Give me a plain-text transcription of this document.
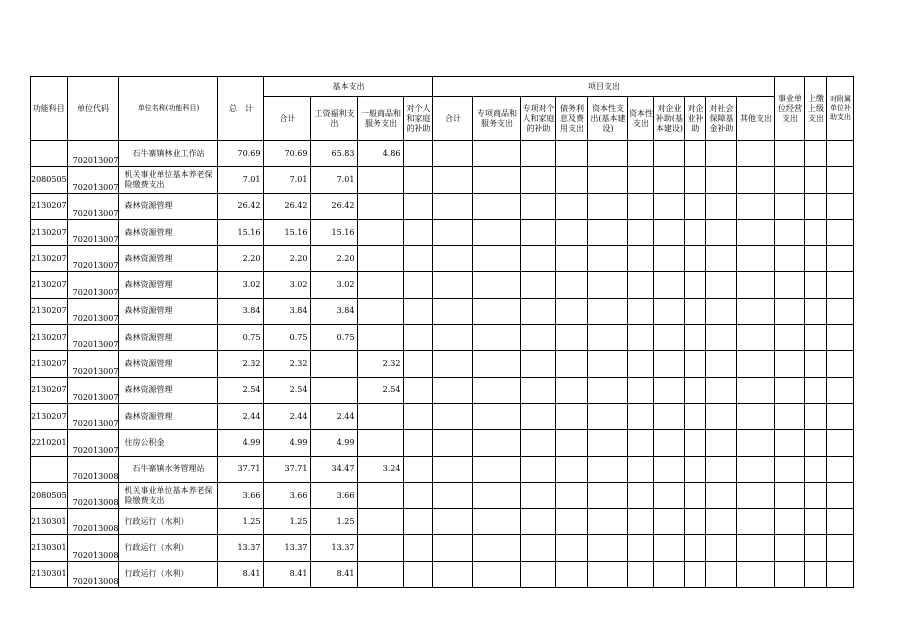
功能科目	单位代码	单位名称(功能科目)	总　计	基本支出				项目支出										事业单位经营支出	上缴上级支出	对附属单位补助支出
				合计	工资福利支出	一般商品和服务支出	对个人和家庭的补助	合计	专项商品和服务支出	专项对个人和家庭的补助	债务利息及费用支出	资本性支出(基本建设)	资本性支出	对企业补助(基本建设)	对企业补助	对社会保障基金补助	其他支出			
	702013007	石牛寨镇林业工作站	70.69	70.69	65.83	4.86														
2080505	702013007	机关事业单位基本养老保险缴费支出	7.01	7.01	7.01															
2130207	702013007	森林资源管理	26.42	26.42	26.42															
2130207	702013007	森林资源管理	15.16	15.16	15.16															
2130207	702013007	森林资源管理	2.20	2.20	2.20															
2130207	702013007	森林资源管理	3.02	3.02	3.02															
2130207	702013007	森林资源管理	3.84	3.84	3.84															
2130207	702013007	森林资源管理	0.75	0.75	0.75															
2130207	702013007	森林资源管理	2.32	2.32		2.32														
2130207	702013007	森林资源管理	2.54	2.54		2.54														
2130207	702013007	森林资源管理	2.44	2.44	2.44															
2210201	702013007	住房公积金	4.99	4.99	4.99															
	702013008	石牛寨镇水务管理站	37.71	37.71	34.47	3.24														
2080505	702013008	机关事业单位基本养老保险缴费支出	3.66	3.66	3.66															
2130301	702013008	行政运行（水利）	1.25	1.25	1.25															
2130301	702013008	行政运行（水利）	13.37	13.37	13.37															
2130301	702013008	行政运行（水利）	8.41	8.41	8.41															
